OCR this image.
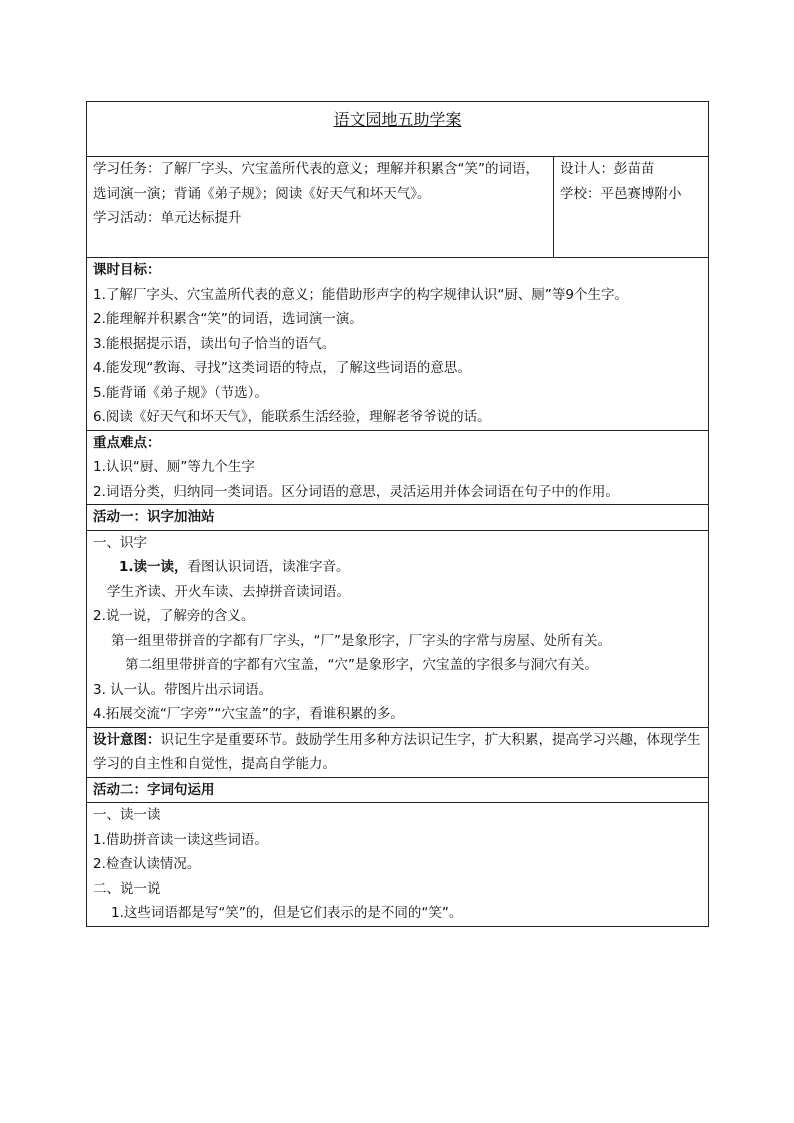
语文园地五助学案

学习任务：了解厂字头、穴宝盖所代表的意义；理解并积累含“笑”的词语，选词演一演；背诵《弟子规》；阅读《好天气和坏天气》。

学习活动：单元达标提升

设计人：彭苗苗

学校：平邑赛博附小

课时目标：

1.了解厂字头、穴宝盖所代表的意义；能借助形声字的构字规律认识“厨、厕”等9个生字。

2.能理解并积累含“笑”的词语，选词演一演。

3.能根据提示语，读出句子恰当的语气。

4.能发现“教诲、寻找”这类词语的特点，了解这些词语的意思。

5.能背诵《弟子规》（节选）。

6.阅读《好天气和坏天气》，能联系生活经验，理解老爷爷说的话。

重点难点：

1.认识“厨、厕”等九个生字

2.词语分类，归纳同一类词语。区分词语的意思，灵活运用并体会词语在句子中的作用。

活动一：识字加油站

一、识字

1.读一读，看图认识词语，读准字音。

学生齐读、开火车读、去掉拼音读词语。

2.说一说，了解旁的含义。

第一组里带拼音的字都有厂字头，“厂”是象形字，厂字头的字常与房屋、处所有关。

第二组里带拼音的字都有穴宝盖，“穴”是象形字，穴宝盖的字很多与洞穴有关。

3. 认一认。带图片出示词语。

4.拓展交流“厂字旁”“穴宝盖”的字，看谁积累的多。

设计意图：识记生字是重要环节。鼓励学生用多种方法识记生字，扩大积累，提高学习兴趣，体现学生学习的自主性和自觉性，提高自学能力。

活动二：字词句运用

一、读一读

1.借助拼音读一读这些词语。

2.检查认读情况。

二、说一说

1.这些词语都是写“笑”的，但是它们表示的是不同的“笑”。
